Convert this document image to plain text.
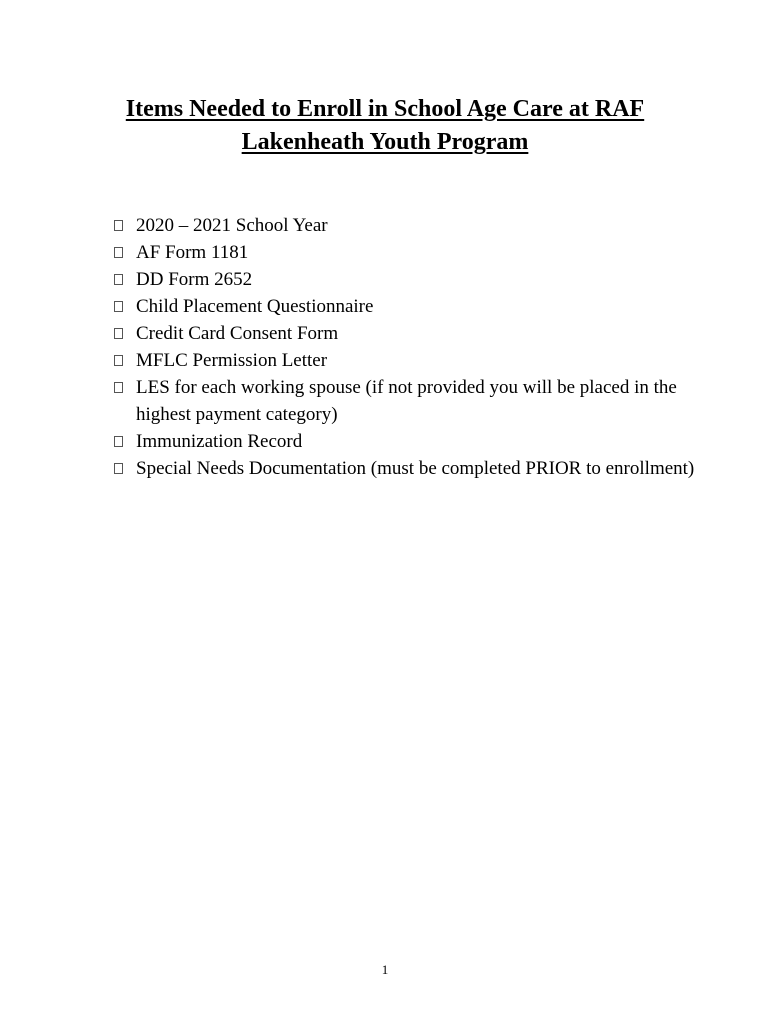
Items Needed to Enroll in School Age Care at RAF
Lakenheath Youth Program
2020 – 2021 School Year
AF Form 1181
DD Form 2652
Child Placement Questionnaire
Credit Card Consent Form
MFLC Permission Letter
LES for each working spouse (if not provided you will be placed in the highest payment category)
Immunization Record
Special Needs Documentation (must be completed PRIOR to enrollment)
1
